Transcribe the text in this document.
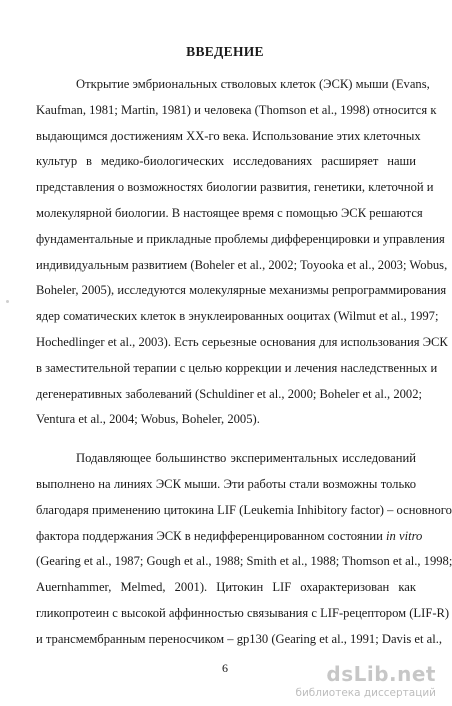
ВВЕДЕНИЕ
Открытие эмбриональных стволовых клеток (ЭСК) мыши (Evans,
Kaufman, 1981; Martin, 1981) и человека (Thomson et al., 1998) относится к
выдающимся достижениям XX-го века. Использование этих клеточных
культур в медико-биологических исследованиях расширяет наши
представления о возможностях биологии развития, генетики, клеточной и
молекулярной биологии. В настоящее время с помощью ЭСК решаются
фундаментальные и прикладные проблемы дифференцировки и управления
индивидуальным развитием (Boheler et al., 2002; Toyooka et al., 2003; Wobus,
Boheler, 2005), исследуются молекулярные механизмы репрограммирования
ядер соматических клеток в энуклеированных ооцитах (Wilmut et al., 1997;
Hochedlinger et al., 2003). Есть серьезные основания для использования ЭСК
в заместительной терапии с целью коррекции и лечения наследственных и
дегенеративных заболеваний (Schuldiner et al., 2000; Boheler et al., 2002;
Ventura et al., 2004; Wobus, Boheler, 2005).
Подавляющее большинство экспериментальных исследований
выполнено на линиях ЭСК мыши. Эти работы стали возможны только
благодаря применению цитокина LIF (Leukemia Inhibitory factor) – основного
фактора поддержания ЭСК в недифференцированном состоянии in vitro
(Gearing et al., 1987; Gough et al., 1988; Smith et al., 1988; Thomson et al., 1998;
Auernhammer, Melmed, 2001). Цитокин LIF охарактеризован как
гликопротеин с высокой аффинностью связывания с LIF-рецептором (LIF-R)
и трансмембранным переносчиком – gp130 (Gearing et al., 1991; Davis et al.,
6	dsLib.net
библиотека диссертаций
